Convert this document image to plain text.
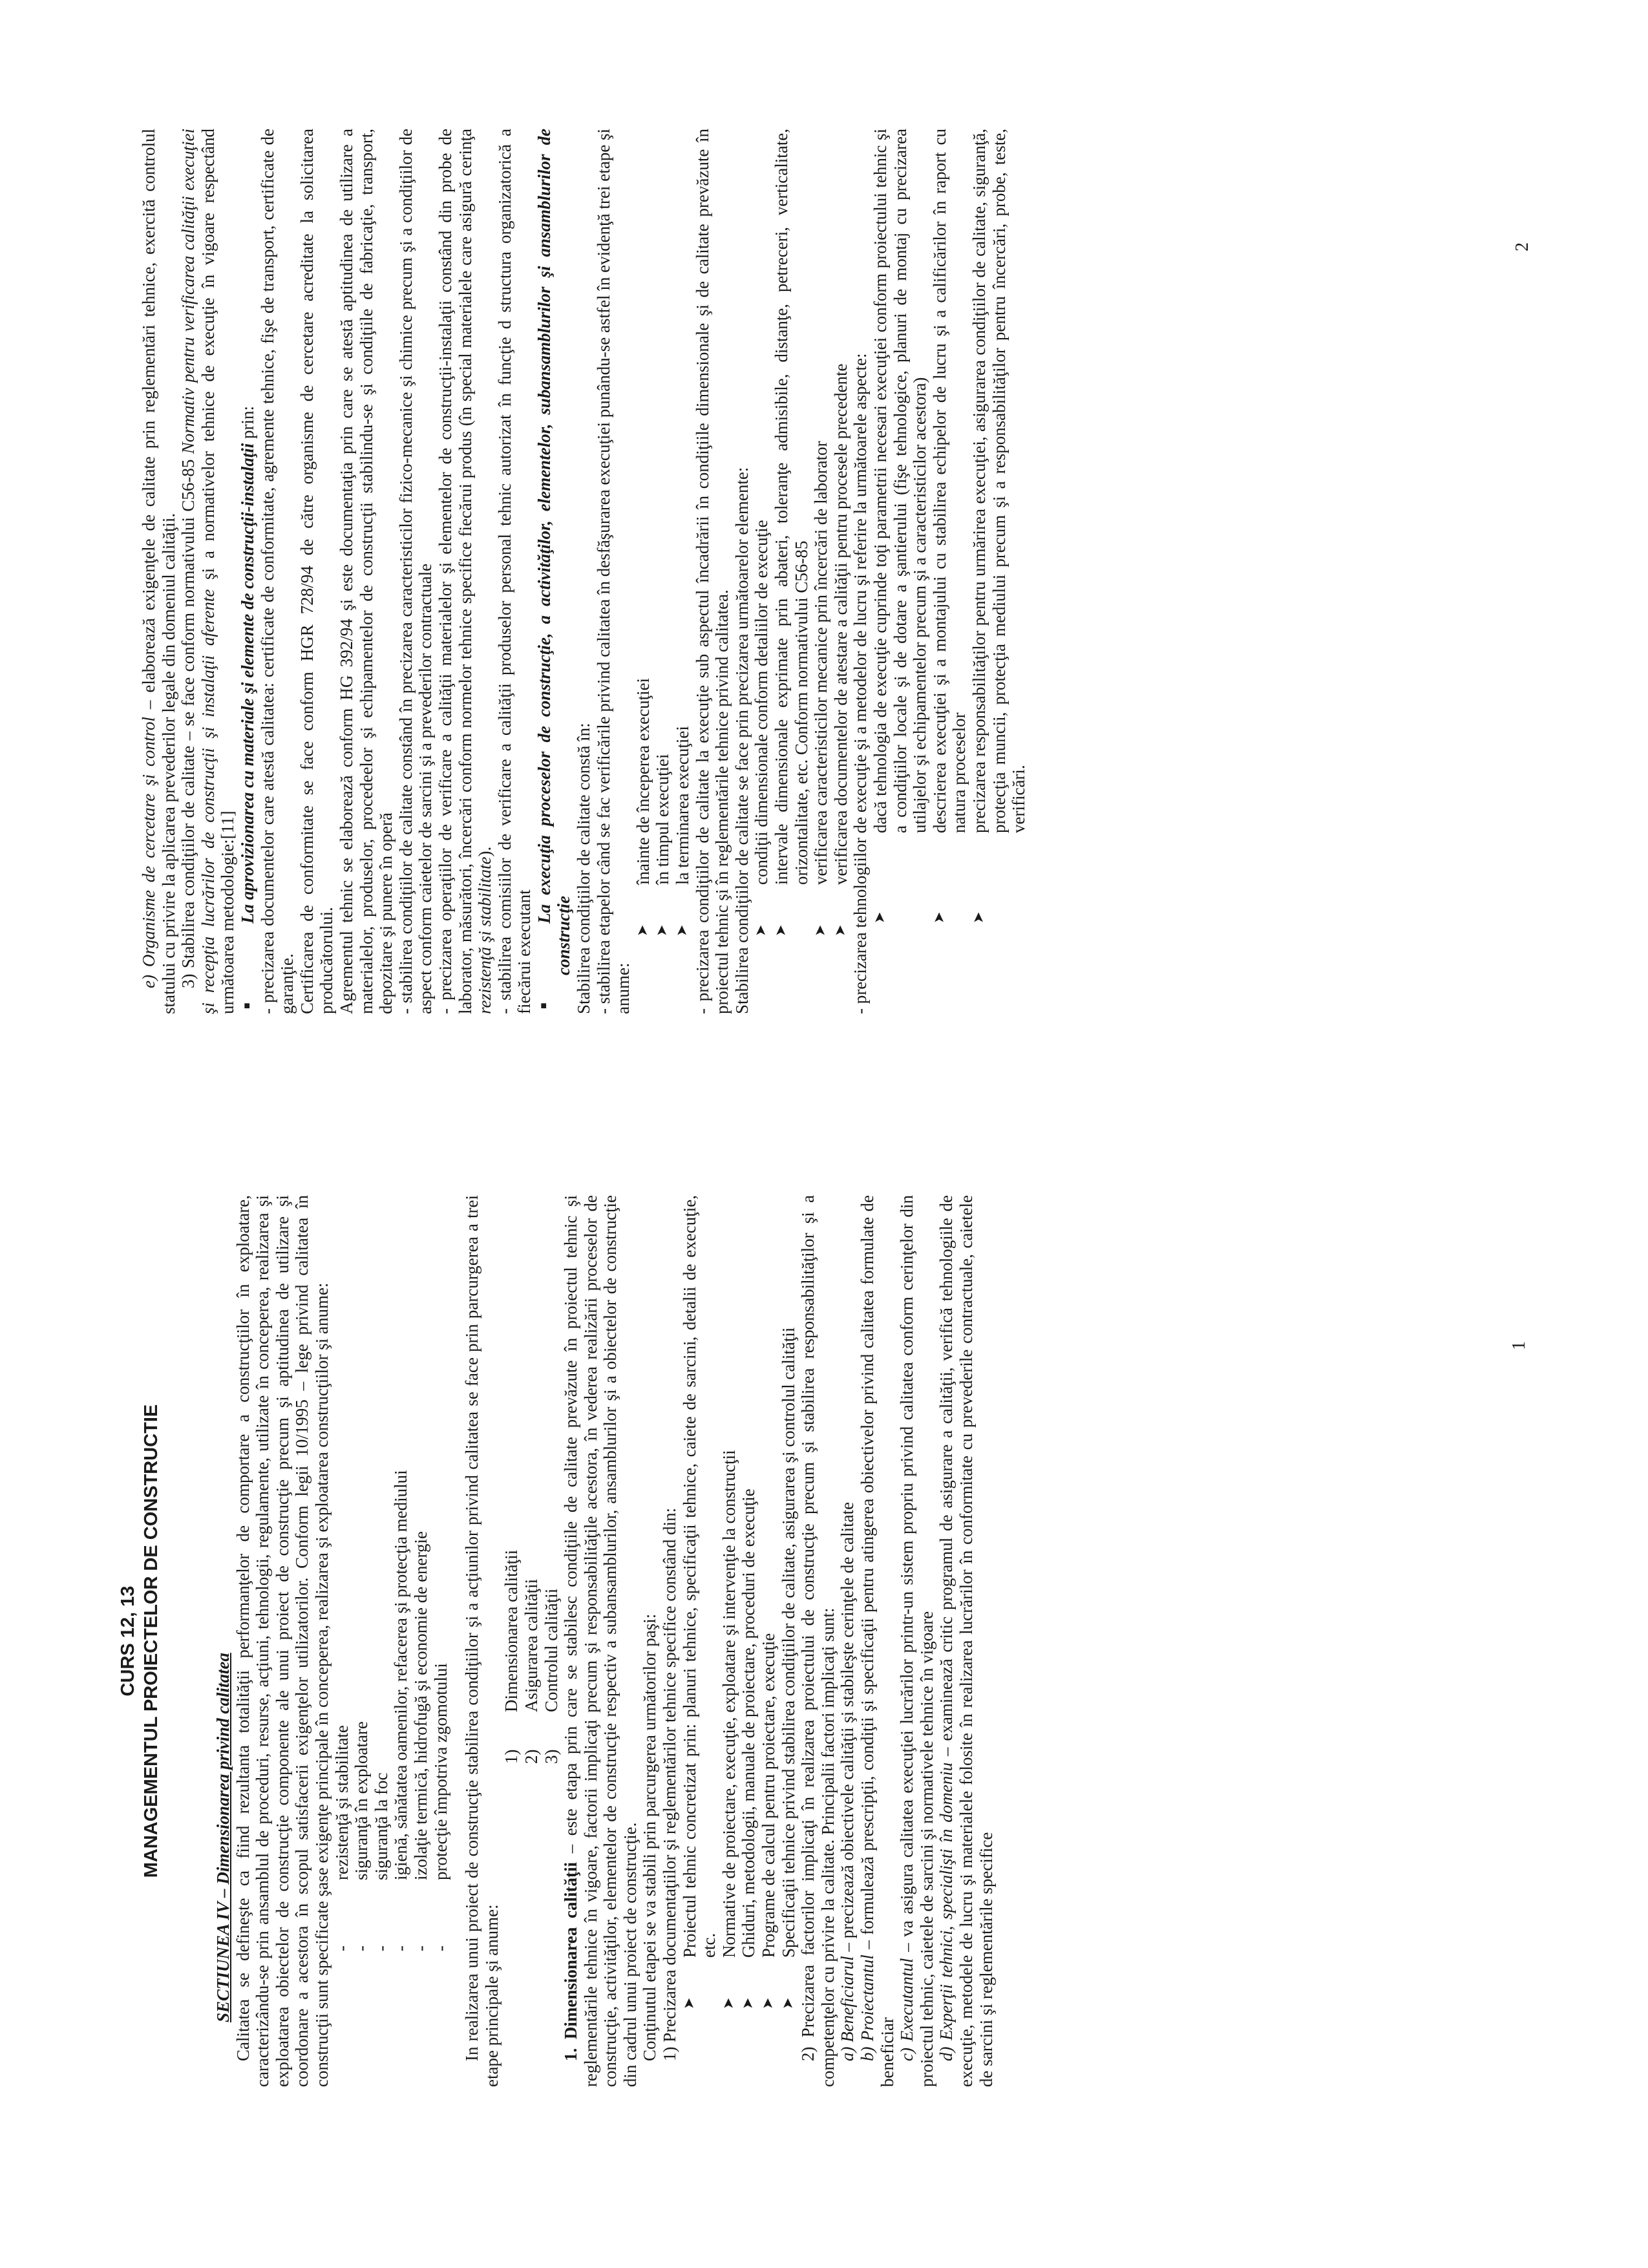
CURS 12, 13 MANAGEMENTUL PROIECTELOR DE CONSTRUCTIE	SECTIUNEA IV – Dimensionarea privind calitatea Calitatea se defineşte ca fiind rezultanta totalităţii performanţelor de comportare a construcţiilor în exploatare, caracterizându-se prin ansamblul de proceduri, resurse, acţiuni, tehnologii, regulamente, utilizate în conceperea, realizarea şi exploatarea obiectelor de construcţie componente ale unui proiect de construcţie precum şi aptitudinea de utilizare şi coordonare a acestora în scopul satisfacerii exigenţelor utilizatorilor. Conform legii 10/1995 – lege privind calitatea în construcţii sunt specificate şase exigenţe principale în conceperea, realizarea şi exploatarea construcţiilor şi anume: - rezistenţă şi stabilitate - siguranţă în exploatare - siguranţă la foc - igienă, sănătatea oamenilor, refacerea şi protecţia mediului - izolaţie termică, hidrofugă şi economie de energie - protecţie împotriva zgomotului In realizarea unui proiect de construcţie stabilirea condiţiilor şi a acţiunilor privind calitatea se face prin parcurgerea a trei etape principale şi anume:

1)
Dimensionarea calităţii

2)
Asigurarea calităţii

3)
Controlul calităţii

1. Dimensionarea calităţii – este etapa prin care se stabilesc condiţiile de calitate prevăzute în proiectul tehnic şi reglementările tehnice în vigoare, factorii implicaţi precum şi responsabilităţile acestora, în vederea realizării proceselor de construcţie, activităţilor, elementelor de construcţie respectiv a subansamblurilor, ansamblurilor şi a obiectelor de construcţie din cadrul unui proiect de construcţie. Conţinutul etapei se va stabili prin parcurgerea următorilor paşi: 1) Precizarea documentaţiilor şi reglementărilor tehnice specifice constând din: ➤
Proiectul tehnic concretizat prin: planuri tehnice, specificaţii tehnice, caiete de sarcini, detalii de execuţie, etc.

➤
Normative de proiectare, execuţie, exploatare şi intervenţie la construcţii

➤
Ghiduri, metodologii, manuale de proiectare, proceduri de execuţie

➤
Programe de calcul pentru proiectare, execuţie

➤
Specificaţii tehnice privind stabilirea condiţiilor de calitate, asigurarea şi controlul calităţii 2) Precizarea factorilor implicaţi în realizarea proiectului de construcţie precum şi stabilirea responsabilităţilor şi a competenţelor cu privire la calitate. Principalii factori implicaţi sunt: a) Beneficiarul – precizează obiectivele calităţii şi stabileşte cerinţele de calitate

b) Proiectantul – formulează prescripţii, condiţii şi specificaţii pentru atingerea obiectivelor privind calitatea formulate de beneficiar c) Executantul – va asigura calitatea execuţiei lucrărilor printr-un sistem propriu privind calitatea conform cerinţelor din proiectul tehnic, caietele de sarcini şi normativele tehnice în vigoare d) Experţii tehnici, specialişti în domeniu – examinează critic programul de asigurare a calităţii, verifică tehnologiile de execuţie, metodele de lucru şi materialele folosite în realizarea lucrărilor în conformitate cu prevederile contractuale, caietele de sarcini şi reglementările specifice

1

e) Organisme de cercetare şi control – elaborează exigenţele de calitate prin reglementări tehnice, exercită controlul statului cu privire la aplicarea prevederilor legale din domeniul calităţii. 3) Stabilirea condiţiilor de calitate – se face conform normativului C56-85 Normativ pentru verificarea calităţii execuţiei şi recepţia lucrărilor de construcţii şi instalaţii aferente şi a normativelor tehnice de execuţie în vigoare respectând următoarea metodologie:[11] ■
La aprovizionarea cu materiale şi elemente de construcţii-instalaţii prin: - precizarea documentelor care atestă calitatea: certificate de conformitate, agremente tehnice, fişe de transport, certificate de garanţie. Certificarea de conformitate se face conform HGR 728/94 de către organisme de cercetare acreditate la solicitarea producătorului. Agrementul tehnic se elaborează conform HG 392/94 şi este documentaţia prin care se atestă aptitudinea de utilizare a materialelor, produselor, procedeelor şi echipamentelor de construcţii stabilindu-se şi condiţiile de fabricaţie, transport, depozitare şi punere în operă - stabilirea condiţiilor de calitate constând în precizarea caracteristicilor fizico-mecanice şi chimice precum şi a condiţiilor de aspect conform caietelor de sarcini şi a prevederilor contractuale - precizarea operaţiilor de verificare a calităţii materialelor şi elementelor de construcţii-instalaţii constând din probe de laborator, măsurători, încercări conform normelor tehnice specifice fiecărui produs (în special materialele care asigură cerinţa rezistenţă şi stabilitate). - stabilirea comisiilor de verificare a calităţii produselor personal tehnic autorizat în funcţie d structura organizatorică a fiecărui executant ■
La execuţia proceselor de construcţie, a activităţilor, elementelor, subansamblurilor şi ansamblurilor de construcţie Stabilirea condiţiilor de calitate constă în: - stabilirea etapelor când se fac verificările privind calitatea în desfăşurarea execuţiei punându-se astfel în evidenţă trei etape şi anume:

➤
înainte de începerea execuţiei

➤
în timpul execuţiei

➤
la terminarea execuţiei - precizarea condiţiilor de calitate la execuţie sub aspectul încadrării în condiţiile dimensionale şi de calitate prevăzute în proiectul tehnic şi în reglementările tehnice privind calitatea. Stabilirea condiţiilor de calitate se face prin precizarea următoarelor elemente: ➤
condiţii dimensionale conform detaliilor de execuţie

➤
intervale dimensionale exprimate prin abateri, toleranţe admisibile, distanţe, petreceri, verticalitate, orizontalitate, etc. Conform normativului C56-85

➤
verificarea caracteristicilor mecanice prin încercări de laborator

➤
verificarea documentelor de atestare a calităţii pentru procesele precedente - precizarea tehnologiilor de execuţie şi a metodelor de lucru şi referire la următoarele aspecte: ➤
dacă tehnologia de execuţie cuprinde toţi parametrii necesari execuţiei conform proiectului tehnic şi a condiţiilor locale şi de dotare a şantierului (fişe tehnologice, planuri de montaj cu precizarea utilajelor şi echipamentelor precum şi a caracteristicilor acestora)

➤
descrierea execuţiei şi a montajului cu stabilirea echipelor de lucru şi a calificărilor în raport cu natura proceselor

➤
precizarea responsabilităţilor pentru urmărirea execuţiei, asigurarea condiţiilor de calitate, siguranţă, protecţia muncii, protecţia mediului precum şi a responsabilităţilor pentru încercări, probe, teste, verificări.

2
